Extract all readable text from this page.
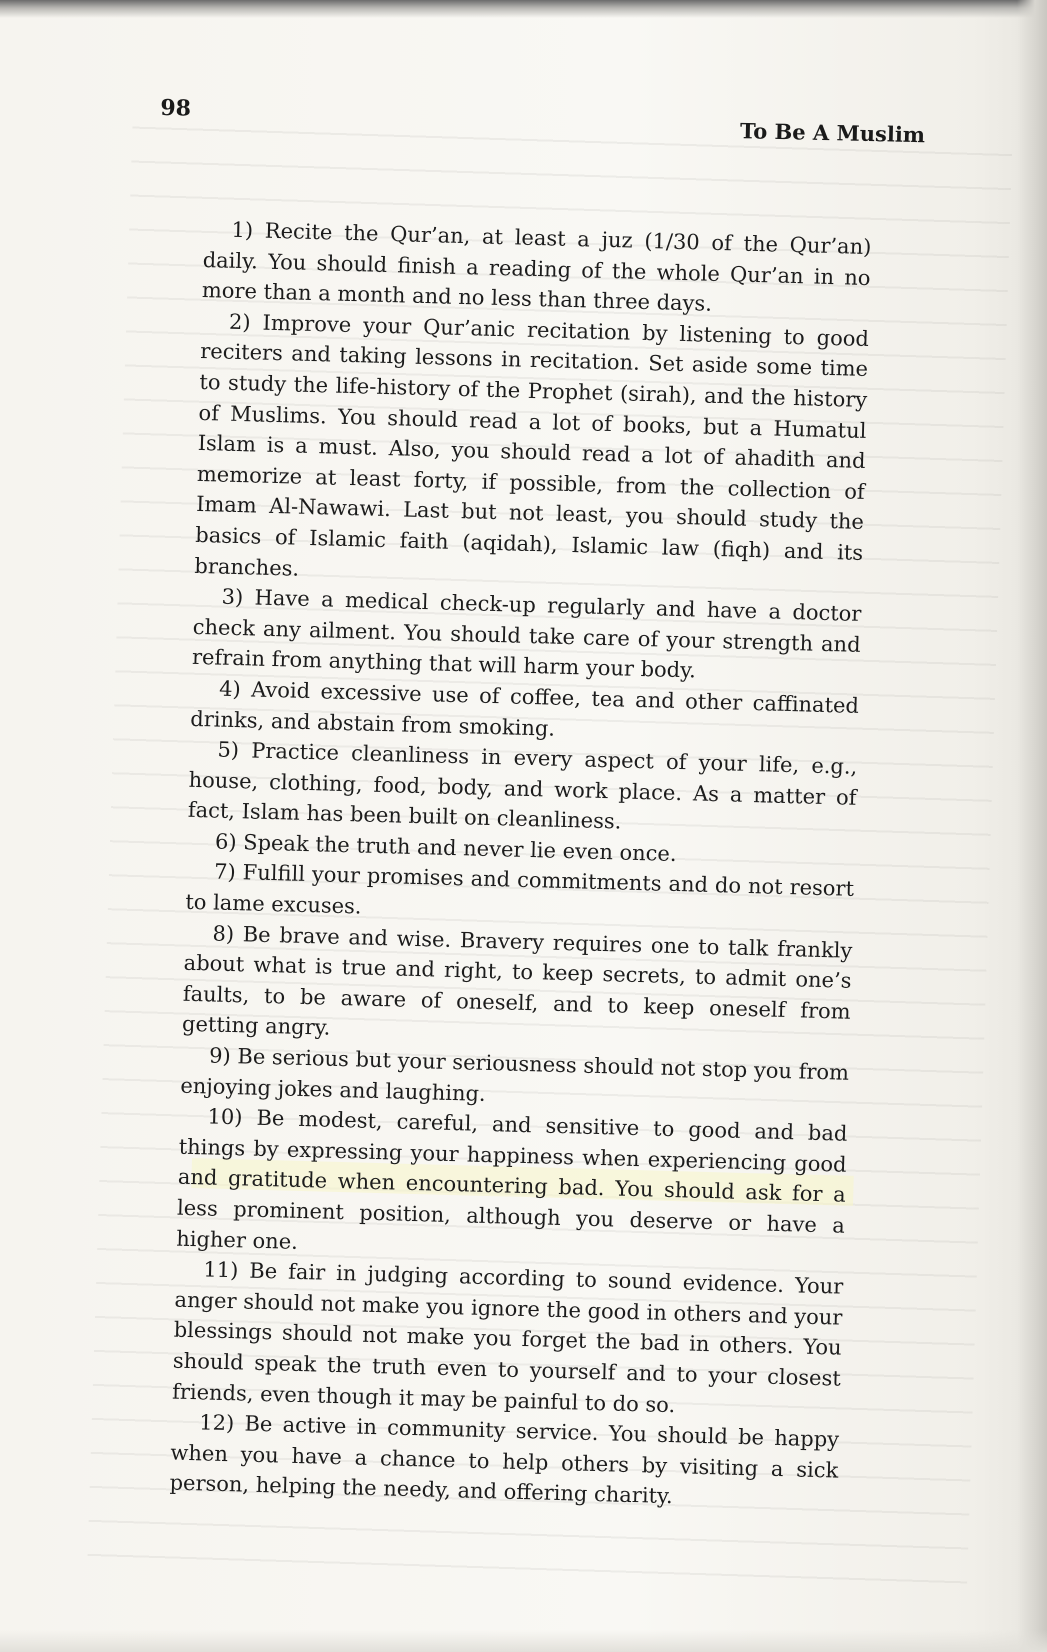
98
To Be A Muslim

1) Recite the Qur’an, at least a juz (1/30 of the Qur’an) daily. You should finish a reading of the whole Qur’an in no more than a month and no less than three days.

2) Improve your Qur’anic recitation by listening to good reciters and taking lessons in recitation. Set aside some time to study the life-history of the Prophet (sirah), and the history of Muslims. You should read a lot of books, but a Humatul Islam is a must. Also, you should read a lot of ahadith and memorize at least forty, if possible, from the collection of Imam Al-Nawawi. Last but not least, you should study the basics of Islamic faith (aqidah), Islamic law (fiqh) and its branches.

3) Have a medical check-up regularly and have a doctor check any ailment. You should take care of your strength and refrain from anything that will harm your body.

4) Avoid excessive use of coffee, tea and other caffinated drinks, and abstain from smoking.

5) Practice cleanliness in every aspect of your life, e.g., house, clothing, food, body, and work place. As a matter of fact, Islam has been built on cleanliness.

6) Speak the truth and never lie even once.

7) Fulfill your promises and commitments and do not resort to lame excuses.

8) Be brave and wise. Bravery requires one to talk frankly about what is true and right, to keep secrets, to admit one’s faults, to be aware of oneself, and to keep oneself from getting angry.

9) Be serious but your seriousness should not stop you from enjoying jokes and laughing.

10) Be modest, careful, and sensitive to good and bad things by expressing your happiness when experiencing good and gratitude when encountering bad. You should ask for a less prominent position, although you deserve or have a higher one.

11) Be fair in judging according to sound evidence. Your anger should not make you ignore the good in others and your blessings should not make you forget the bad in others. You should speak the truth even to yourself and to your closest friends, even though it may be painful to do so.

12) Be active in community service. You should be happy when you have a chance to help others by visiting a sick person, helping the needy, and offering charity.
